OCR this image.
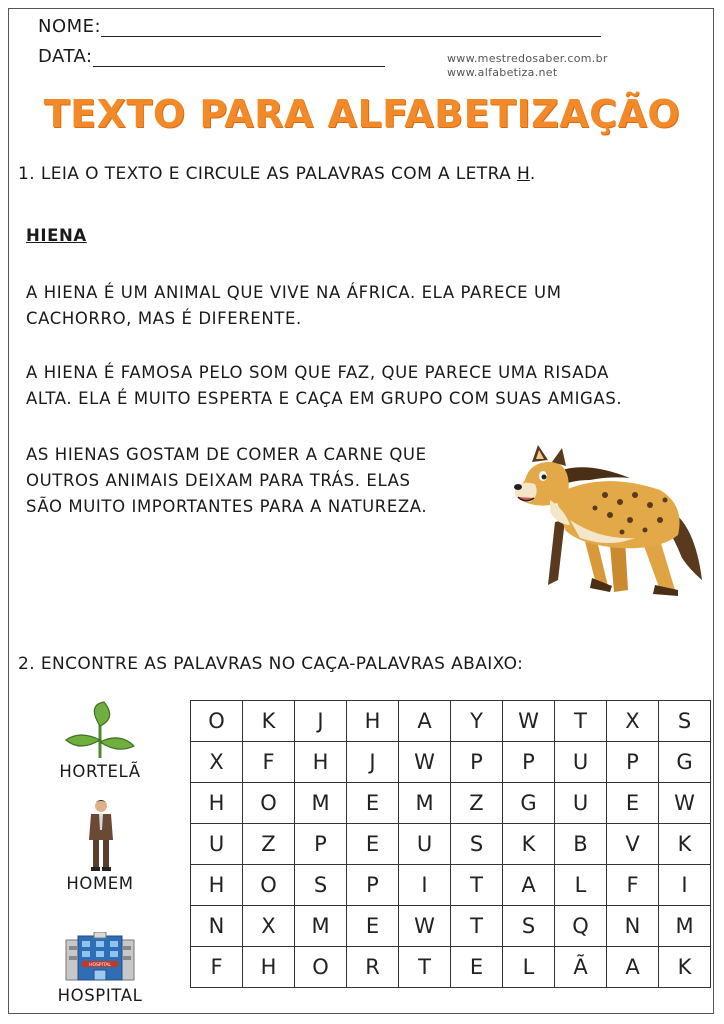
NOME:
DATA:	www.mestredosaber.com.br
www.alfabetiza.net
TEXTO PARA ALFABETIZAÇÃO
1. LEIA O TEXTO E CIRCULE AS PALAVRAS COM A LETRA H.
HIENA
A HIENA É UM ANIMAL QUE VIVE NA ÁFRICA. ELA PARECE UM
CACHORRO, MAS É DIFERENTE.
A HIENA É FAMOSA PELO SOM QUE FAZ, QUE PARECE UMA RISADA
ALTA. ELA É MUITO ESPERTA E CAÇA EM GRUPO COM SUAS AMIGAS.
AS HIENAS GOSTAM DE COMER A CARNE QUE
OUTROS ANIMAIS DEIXAM PARA TRÁS. ELAS
SÃO MUITO IMPORTANTES PARA A NATUREZA.
2. ENCONTRE AS PALAVRAS NO CAÇA-PALAVRAS ABAIXO:
HORTELÃ
HOMEM
HOSPITAL
HOSPITAL
O	K	J	H	A	Y	W	T	X	S
X	F	H	J	W	P	P	U	P	G
H	O	M	E	M	Z	G	U	E	W
U	Z	P	E	U	S	K	B	V	K
H	O	S	P	I	T	A	L	F	I
N	X	M	E	W	T	S	Q	N	M
F	H	O	R	T	E	L	Ã	A	K
